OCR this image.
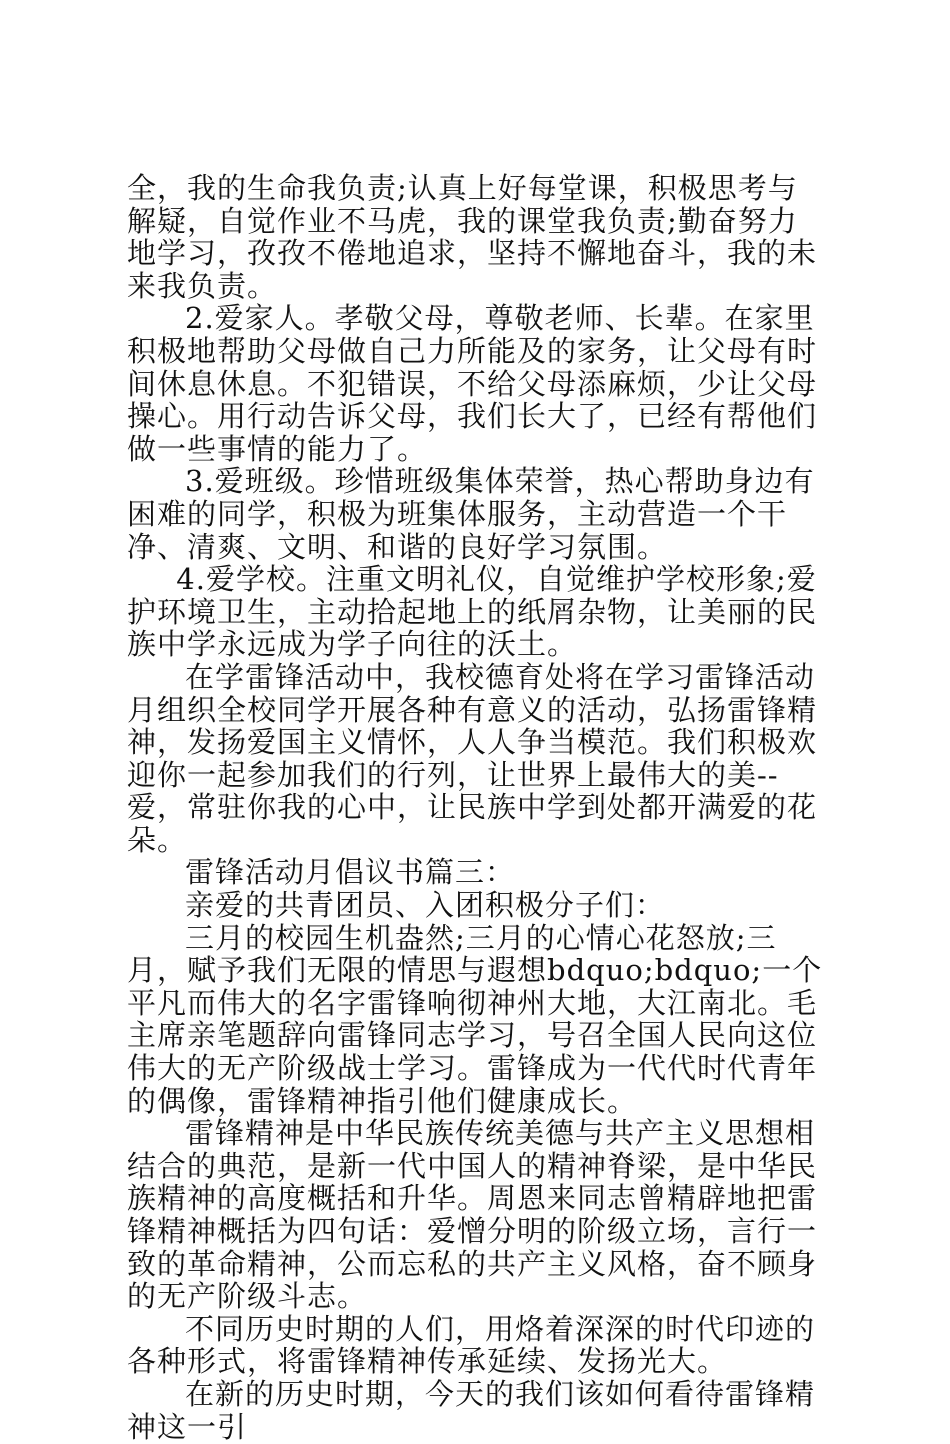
全，我的生命我负责;认真上好每堂课，积极思考与解疑，自觉作业不马虎，我的课堂我负责;勤奋努力地学习，孜孜不倦地追求，坚持不懈地奋斗，我的未来我负责。

2.爱家人。孝敬父母，尊敬老师、长辈。在家里积极地帮助父母做自己力所能及的家务，让父母有时间休息休息。不犯错误，不给父母添麻烦，少让父母操心。用行动告诉父母，我们长大了，已经有帮他们做一些事情的能力了。

3.爱班级。珍惜班级集体荣誉，热心帮助身边有困难的同学，积极为班集体服务，主动营造一个干净、清爽、文明、和谐的良好学习氛围。

4.爱学校。注重文明礼仪，自觉维护学校形象;爱护环境卫生，主动拾起地上的纸屑杂物，让美丽的民族中学永远成为学子向往的沃土。

在学雷锋活动中，我校德育处将在学习雷锋活动月组织全校同学开展各种有意义的活动，弘扬雷锋精神，发扬爱国主义情怀，人人争当模范。我们积极欢迎你一起参加我们的行列，让世界上最伟大的美--爱，常驻你我的心中，让民族中学到处都开满爱的花朵。

雷锋活动月倡议书篇三：

亲爱的共青团员、入团积极分子们：

三月的校园生机盎然;三月的心情心花怒放;三月，赋予我们无限的情思与遐想bdquo;bdquo;一个平凡而伟大的名字雷锋响彻神州大地，大江南北。毛主席亲笔题辞向雷锋同志学习，号召全国人民向这位伟大的无产阶级战士学习。雷锋成为一代代时代青年的偶像，雷锋精神指引他们健康成长。

雷锋精神是中华民族传统美德与共产主义思想相结合的典范，是新一代中国人的精神脊梁，是中华民族精神的高度概括和升华。周恩来同志曾精辟地把雷锋精神概括为四句话：爱憎分明的阶级立场，言行一致的革命精神，公而忘私的共产主义风格，奋不顾身的无产阶级斗志。

不同历史时期的人们，用烙着深深的时代印迹的各种形式，将雷锋精神传承延续、发扬光大。

在新的历史时期，今天的我们该如何看待雷锋精神这一引
